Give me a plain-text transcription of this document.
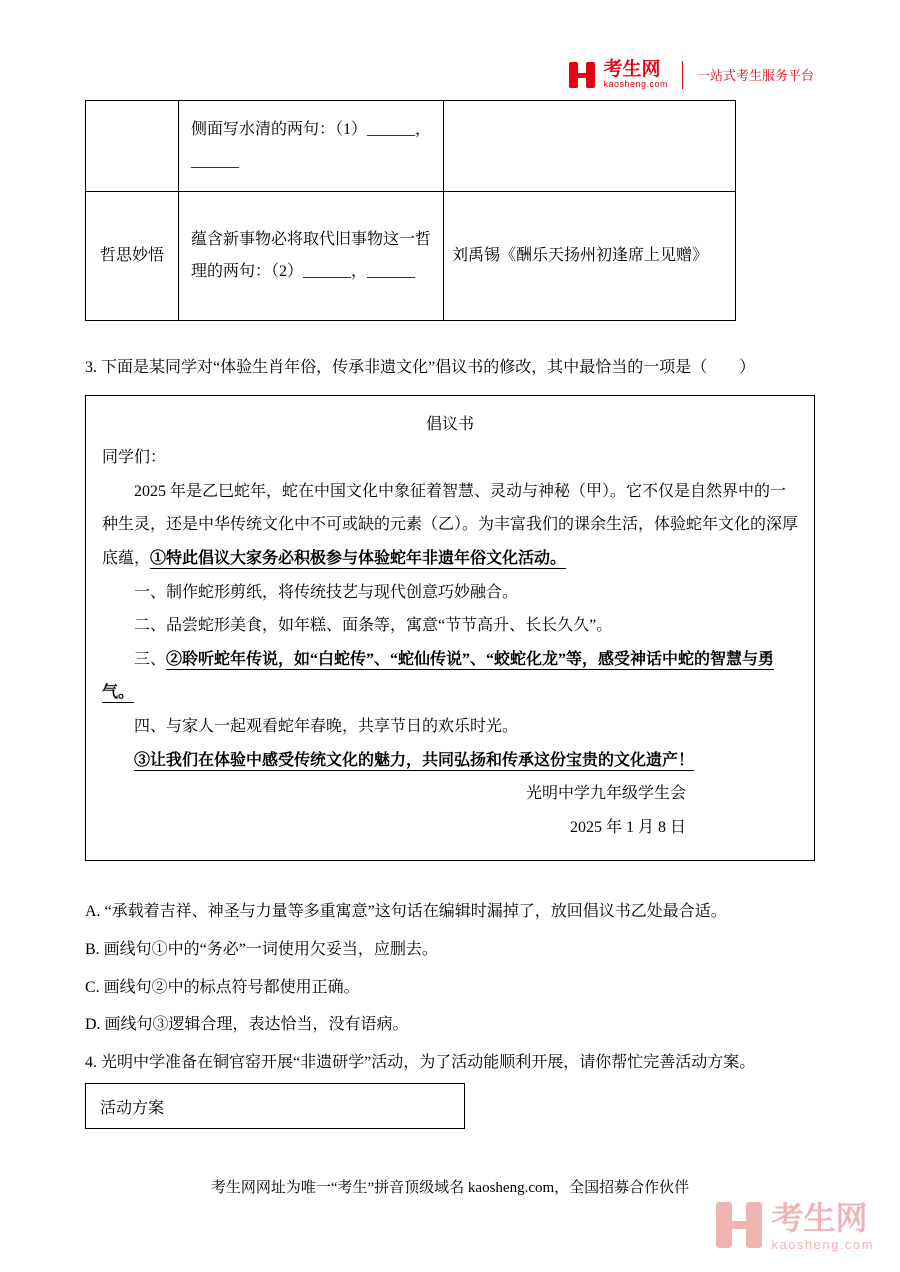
考生网
kaosheng.com
一站式考生服务平台
	侧面写水清的两句：（1）______，______	
哲思妙悟	蕴含新事物必将取代旧事物这一哲理的两句：（2）______，______	刘禹锡《酬乐天扬州初逢席上见赠》

3. 下面是某同学对“体验生肖年俗，传承非遗文化”倡议书的修改，其中最恰当的一项是（　　）

倡议书

同学们：

2025 年是乙巳蛇年，蛇在中国文化中象征着智慧、灵动与神秘（甲）。它不仅是自然界中的一种生灵，还是中华传统文化中不可或缺的元素（乙）。为丰富我们的课余生活，体验蛇年文化的深厚底蕴，①特此倡议大家务必积极参与体验蛇年非遗年俗文化活动。

一、制作蛇形剪纸，将传统技艺与现代创意巧妙融合。

二、品尝蛇形美食，如年糕、面条等，寓意“节节高升、长长久久”。

三、②聆听蛇年传说，如“白蛇传”、“蛇仙传说”、“蛟蛇化龙”等，感受神话中蛇的智慧与勇气。

四、与家人一起观看蛇年春晚，共享节日的欢乐时光。

③让我们在体验中感受传统文化的魅力，共同弘扬和传承这份宝贵的文化遗产！

光明中学九年级学生会

2025 年 1 月 8 日

A. “承载着吉祥、神圣与力量等多重寓意”这句话在编辑时漏掉了，放回倡议书乙处最合适。

B. 画线句①中的“务必”一词使用欠妥当，应删去。

C. 画线句②中的标点符号都使用正确。

D. 画线句③逻辑合理，表达恰当，没有语病。

4. 光明中学准备在铜官窑开展“非遗研学”活动，为了活动能顺利开展，请你帮忙完善活动方案。

活动方案

考生网网址为唯一“考生”拼音顶级域名 kaosheng.com，全国招募合作伙伴

考生网
kaosheng.com
